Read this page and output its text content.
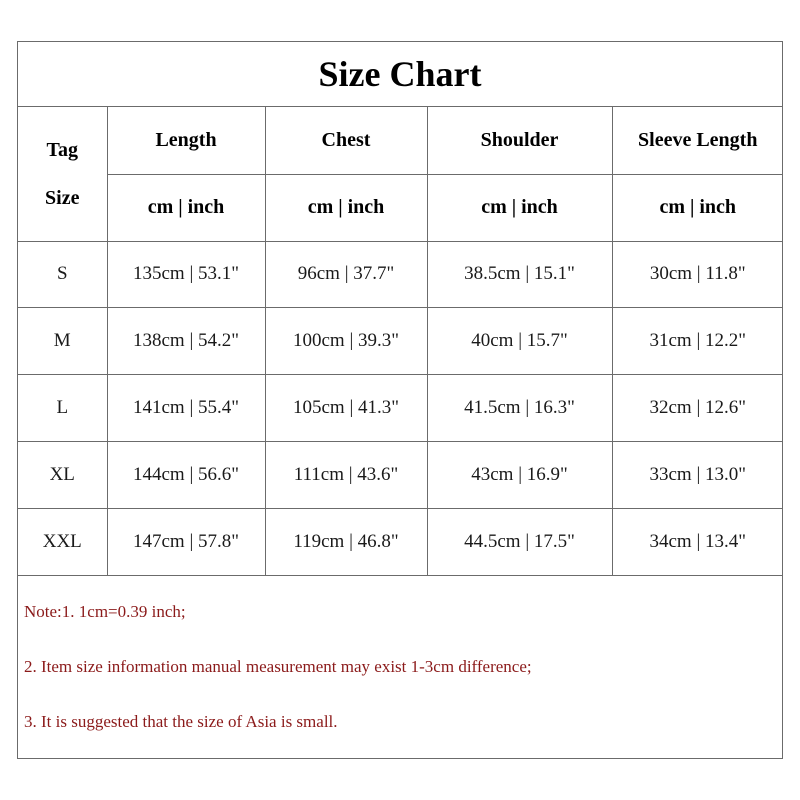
Size Chart
Tag
Size	Length	Chest	Shoulder	Sleeve Length
	cm | inch	cm | inch	cm | inch	cm | inch
S	135cm | 53.1"	96cm | 37.7"	38.5cm | 15.1"	30cm | 11.8"
M	138cm | 54.2"	100cm | 39.3"	40cm | 15.7"	31cm | 12.2"
L	141cm | 55.4"	105cm | 41.3"	41.5cm | 16.3"	32cm | 12.6"
XL	144cm | 56.6"	111cm | 43.6"	43cm | 16.9"	33cm | 13.0"
XXL	147cm | 57.8"	119cm | 46.8"	44.5cm | 17.5"	34cm | 13.4"
Note:1. 1cm=0.39 inch;
2. Item size information manual measurement may exist 1-3cm difference;
3. It is suggested that the size of Asia is small.
